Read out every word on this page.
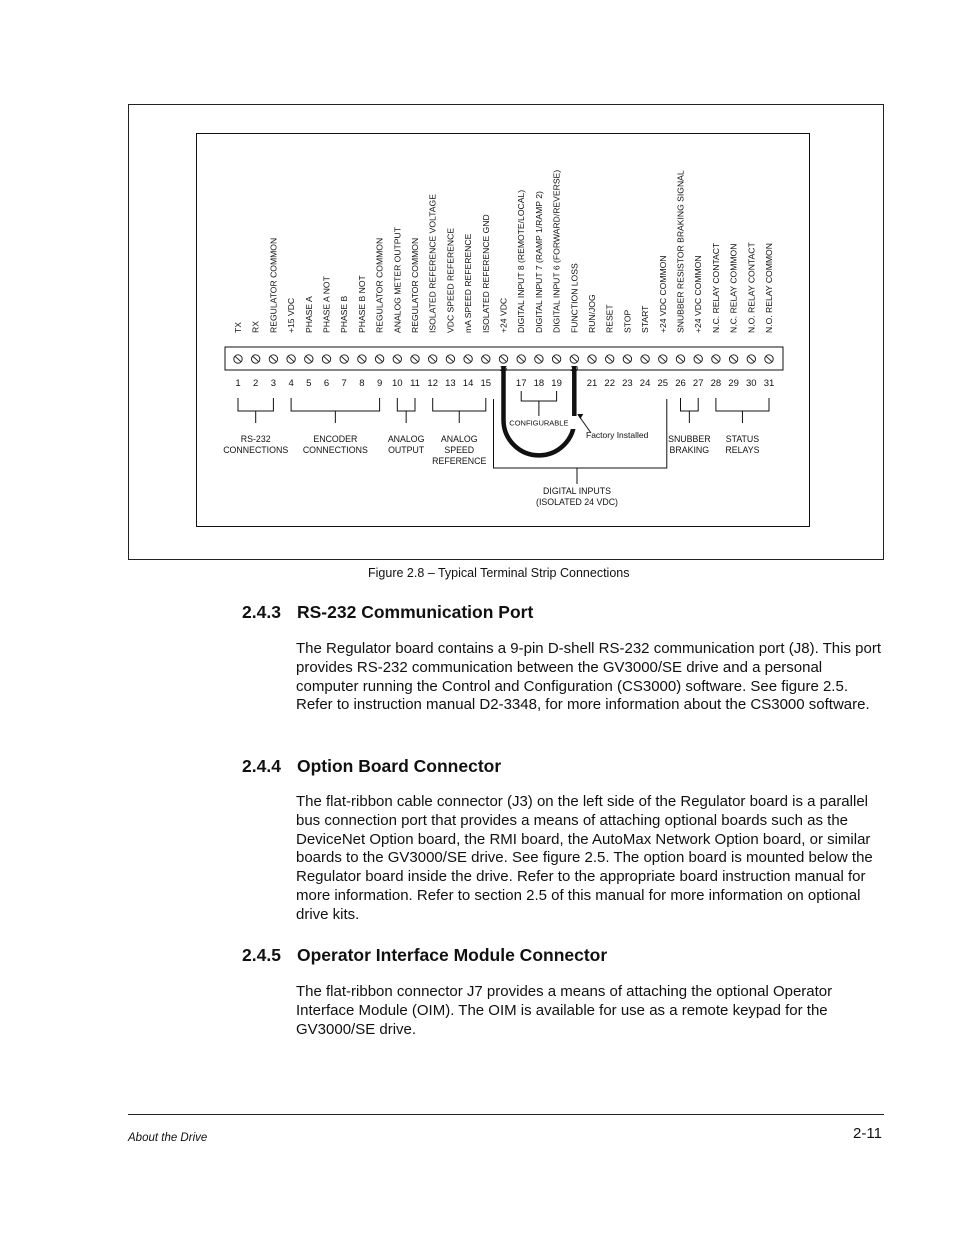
TX
1
RX
2
REGULATOR COMMON
3
+15 VDC
4
PHASE A
5
PHASE A NOT
6
PHASE B
7
PHASE B NOT
8
REGULATOR COMMON
9
ANALOG METER OUTPUT
10
REGULATOR COMMON
11
ISOLATED REFERENCE VOLTAGE
12
VDC SPEED REFERENCE
13
mA SPEED REFERENCE
14
ISOLATED REFERENCE GND
15
+24 VDC DIGITAL INPUT 8 (REMOTE/LOCAL)
17
DIGITAL INPUT 7 (RAMP 1/RAMP 2)
18
DIGITAL INPUT 6 (FORWARD/REVERSE)
19
FUNCTION LOSS RUN/JOG
21
RESET
22
STOP
23
START
24
+24 VDC COMMON
25
SNUBBER RESISTOR BRAKING SIGNAL
26
+24 VDC COMMON
27
N.C. RELAY CONTACT
28
N.C. RELAY COMMON
29
N.O. RELAY CONTACT
30
N.O. RELAY COMMON
31
16	20
CONFIGURABLE
Factory Installed
RS-232
CONNECTIONS
ENCODER
CONNECTIONS
ANALOG
OUTPUT
ANALOG
SPEED
REFERENCE
SNUBBER
BRAKING
STATUS
RELAYS
DIGITAL INPUTS
(ISOLATED 24 VDC)
Figure 2.8 – Typical Terminal Strip Connections
2.4.3 RS-232 Communication Port
The Regulator board contains a 9-pin D-shell RS-232 communication port (J8). This port provides RS-232 communication between the GV3000/SE drive and a personal computer running the Control and Configuration (CS3000) software. See figure 2.5. Refer to instruction manual D2-3348, for more information about the CS3000 software.
2.4.4 Option Board Connector
The flat-ribbon cable connector (J3) on the left side of the Regulator board is a parallel bus connection port that provides a means of attaching optional boards such as the DeviceNet Option board, the RMI board, the AutoMax Network Option board, or similar boards to the GV3000/SE drive. See figure 2.5. The option board is mounted below the Regulator board inside the drive. Refer to the appropriate board instruction manual for more information. Refer to section 2.5 of this manual for more information on optional drive kits.
2.4.5 Operator Interface Module Connector
The flat-ribbon connector J7 provides a means of attaching the optional Operator Interface Module (OIM). The OIM is available for use as a remote keypad for the GV3000/SE drive.
About the Drive	2-11
